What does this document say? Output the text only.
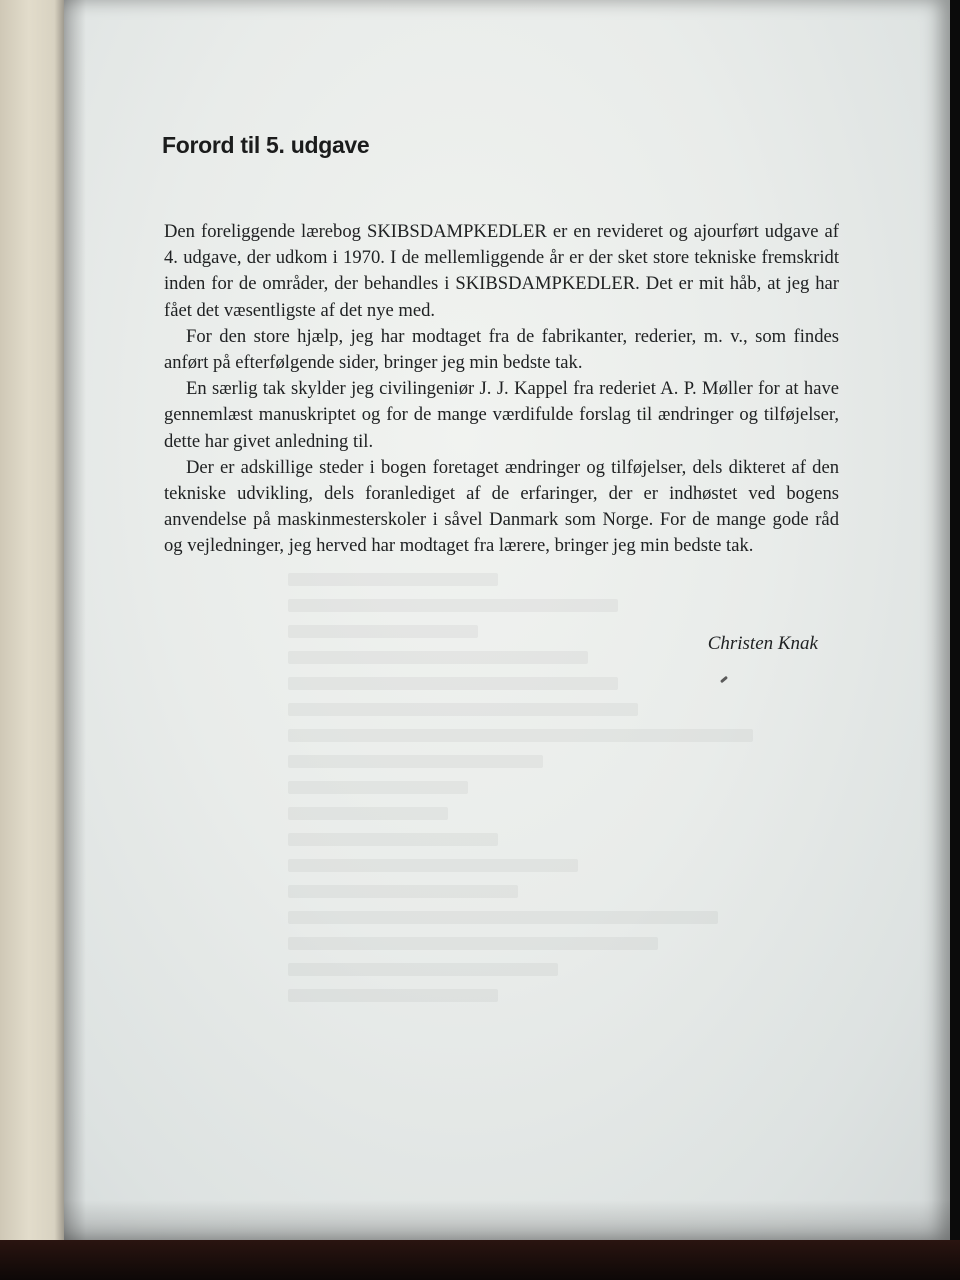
Forord til 5. udgave

Den foreliggende lærebog SKIBSDAMPKEDLER er en revideret og ajourført udgave af 4. udgave, der udkom i 1970. I de mellemliggende år er der sket store tekniske fremskridt inden for de områder, der behandles i SKIBSDAMPKEDLER. Det er mit håb, at jeg har fået det væsentligste af det nye med.

For den store hjælp, jeg har modtaget fra de fabrikanter, rederier, m. v., som findes anført på efterfølgende sider, bringer jeg min bedste tak.

En særlig tak skylder jeg civilingeniør J. J. Kappel fra rederiet A. P. Møller for at have gennemlæst manuskriptet og for de mange værdifulde forslag til ændringer og tilføjelser, dette har givet anledning til.

Der er adskillige steder i bogen foretaget ændringer og tilføjelser, dels dikteret af den tekniske udvikling, dels foranlediget af de erfaringer, der er indhøstet ved bogens anvendelse på maskinmesterskoler i såvel Danmark som Norge. For de mange gode råd og vejledninger, jeg herved har modtaget fra lærere, bringer jeg min bedste tak.

Christen Knak
